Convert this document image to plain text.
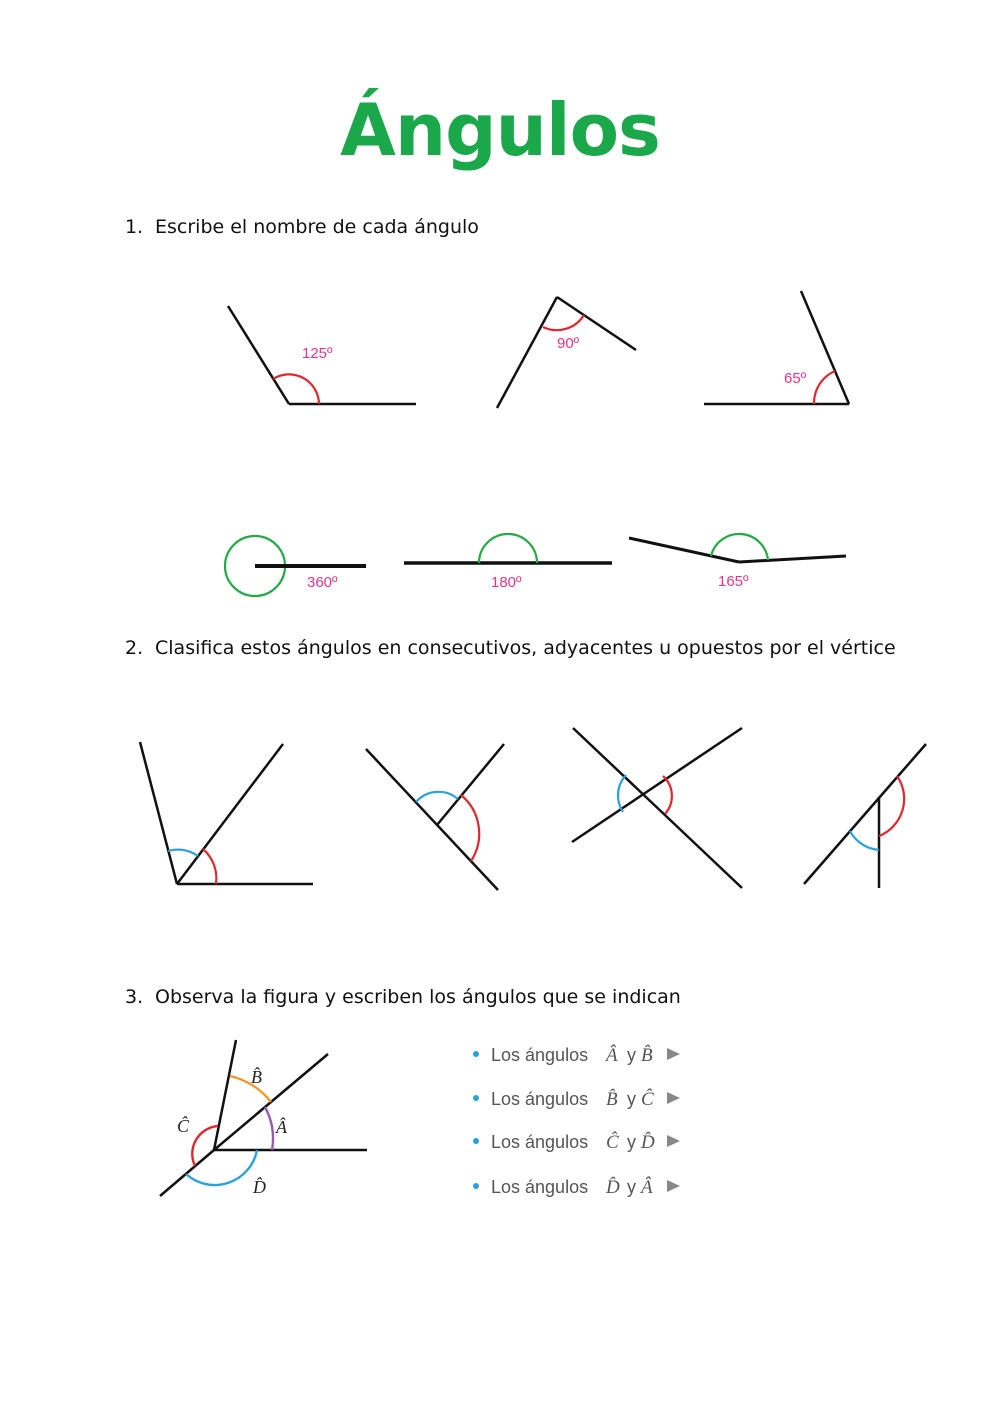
Ángulos
1. Escribe el nombre de cada ángulo
2. Clasifica estos ángulos en consecutivos, adyacentes u opuestos por el vértice
3. Observa la figura y escriben los ángulos que se indican
125º
90º
65º
360º	180º	165º
B̂
Â
Ĉ
D̂
Los ángulos Â y B̂
Los ángulos B̂ y Ĉ
Los ángulos Ĉ y D̂
Los ángulos D̂ y Â
